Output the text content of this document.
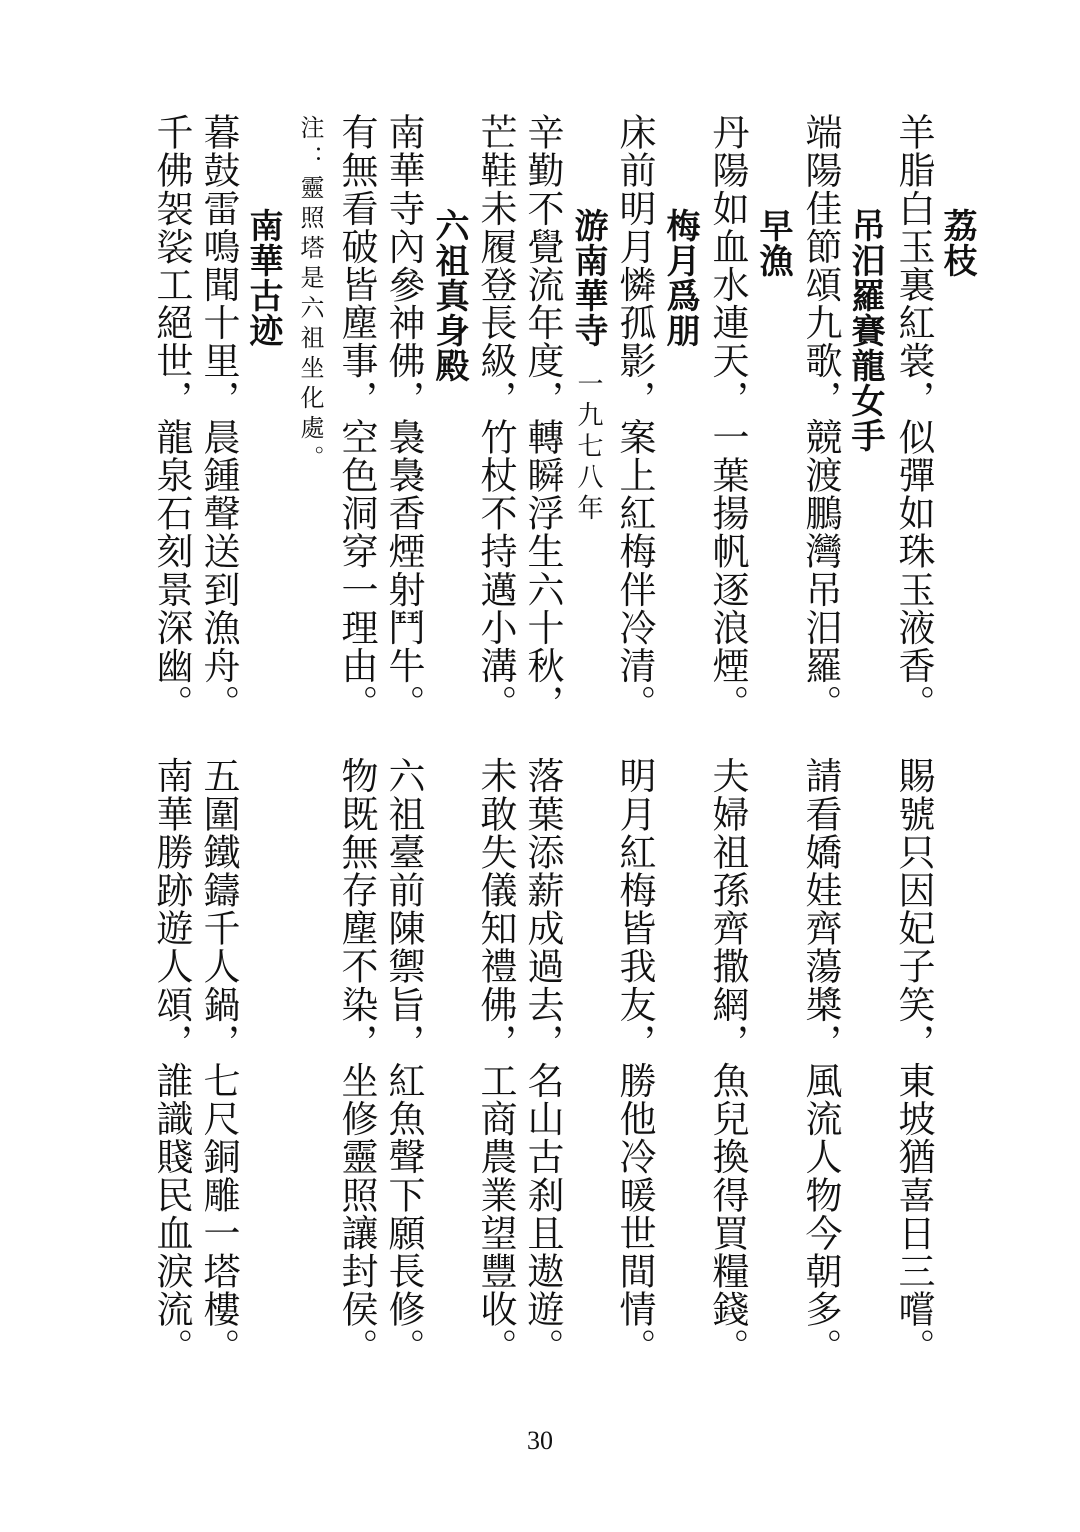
荔枝
羊脂白玉裏紅裳，似彈如珠玉液香。賜號只因妃子笑，東坡猶喜日三嚐。
吊汨羅賽龍女手
端陽佳節頌九歌，競渡鵬灣吊汨羅。請看嬌娃齊蕩槳，風流人物今朝多。
早漁
丹陽如血水連天，一葉揚帆逐浪煙。夫婦祖孫齊撒網，魚兒換得買糧錢。
梅月爲朋
床前明月憐孤影，案上紅梅伴冷清。明月紅梅皆我友，勝他冷暖世間情。
游南華寺
一九七八年
辛勤不覺流年度，轉瞬浮生六十秋，落葉添薪成過去，名山古刹且遨遊。
芒鞋未履登長級，竹杖不持邁小溝。未敢失儀知禮佛，工商農業望豐收。
六祖真身殿
南華寺內參神佛，裊裊香煙射鬥牛。六祖臺前陳禦旨，紅魚聲下願長修。
有無看破皆塵事，空色洞穿一理由。物既無存塵不染，坐修靈照讓封侯。
注：靈照塔是六祖坐化處。
南華古迹
暮鼓雷鳴聞十里，晨鍾聲送到漁舟。五圍鐵鑄千人鍋，七尺銅雕一塔樓。
千佛袈裟工絕世，龍泉石刻景深幽。南華勝跡遊人頌，誰識賤民血淚流。
30
